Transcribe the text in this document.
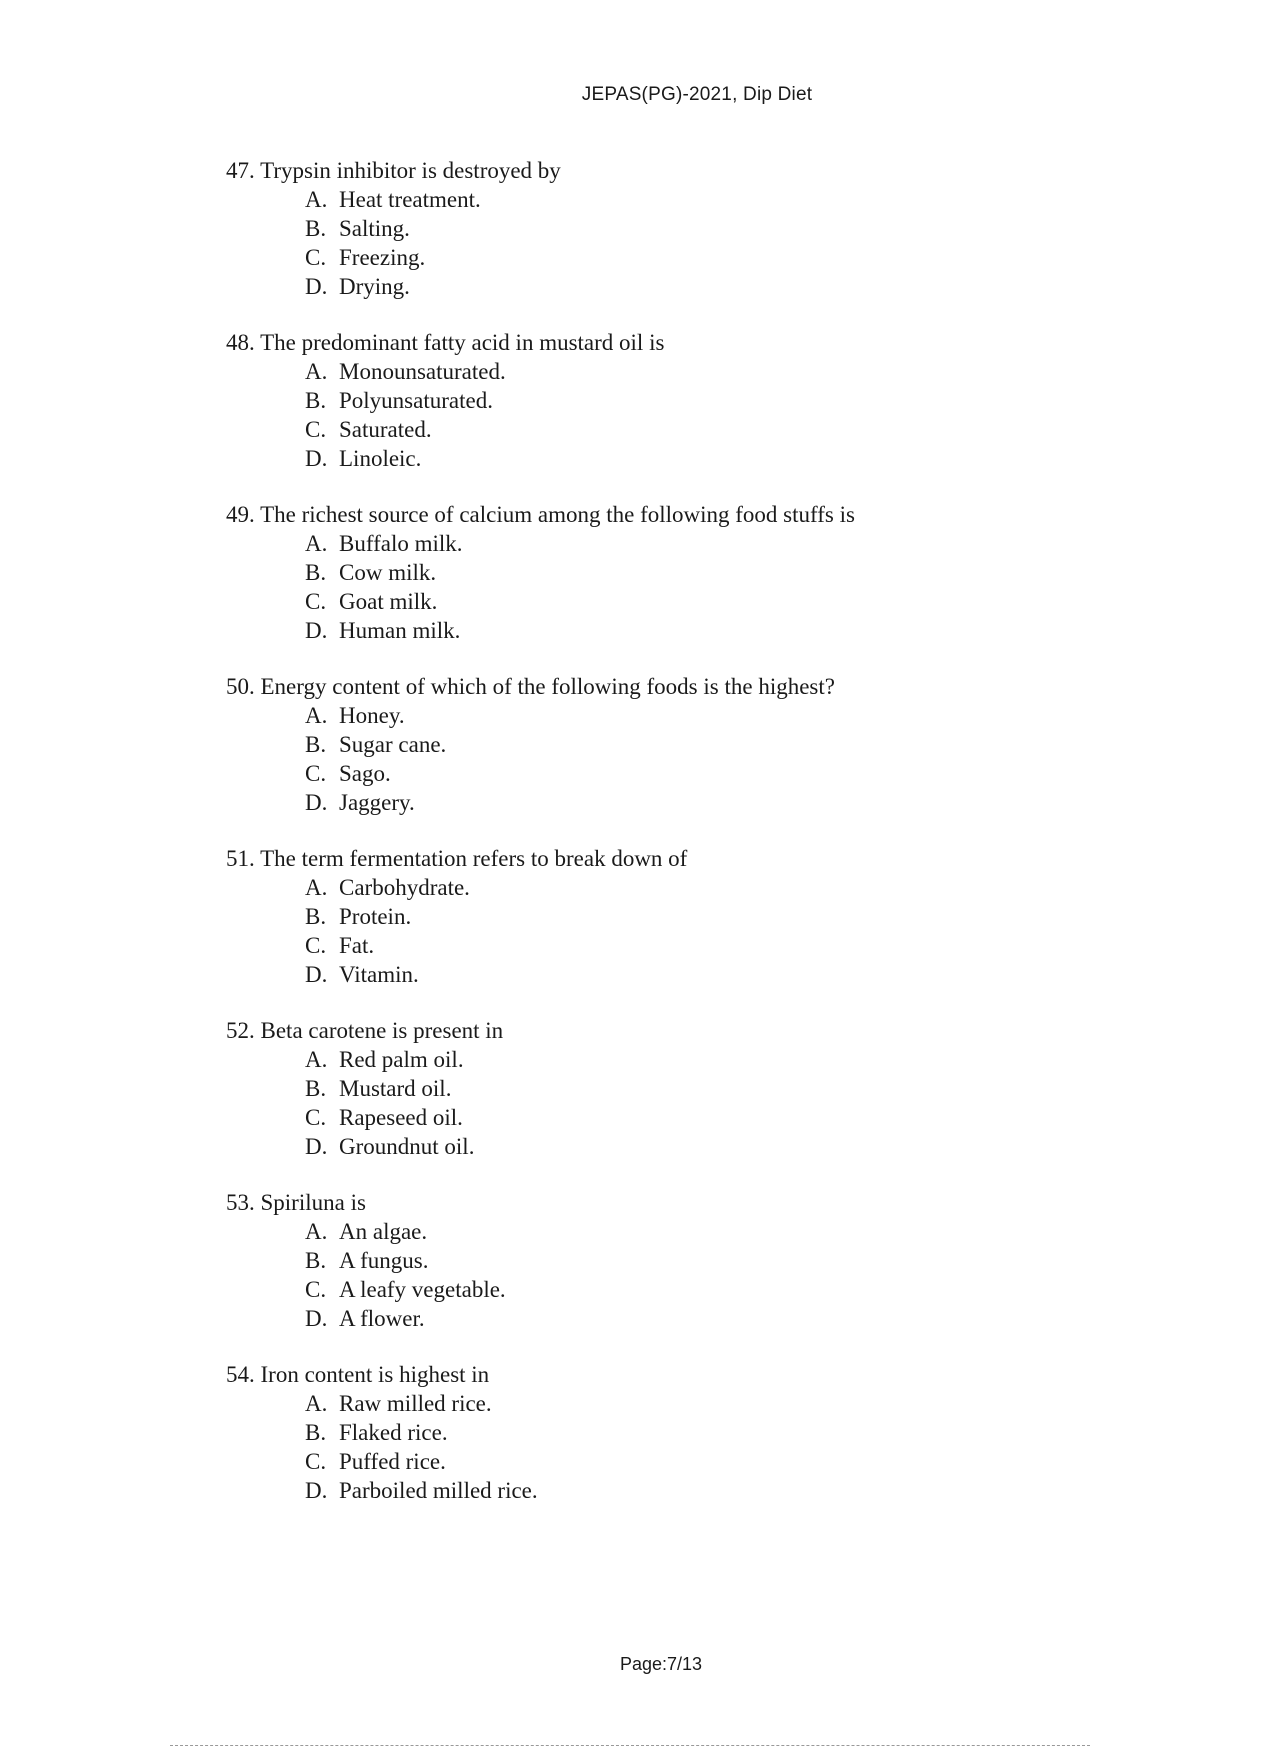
JEPAS(PG)-2021, Dip Diet
47. Trypsin inhibitor is destroyed by
A. Heat treatment.
B. Salting.
C. Freezing.
D. Drying.
48. The predominant fatty acid in mustard oil is
A. Monounsaturated.
B. Polyunsaturated.
C. Saturated.
D. Linoleic.
49. The richest source of calcium among the following food stuffs is
A. Buffalo milk.
B. Cow milk.
C. Goat milk.
D. Human milk.
50. Energy content of which of the following foods is the highest?
A. Honey.
B. Sugar cane.
C. Sago.
D. Jaggery.
51. The term fermentation refers to break down of
A. Carbohydrate.
B. Protein.
C. Fat.
D. Vitamin.
52. Beta carotene is present in
A. Red palm oil.
B. Mustard oil.
C. Rapeseed oil.
D. Groundnut oil.
53. Spiriluna is
A. An algae.
B. A fungus.
C. A leafy vegetable.
D. A flower.
54. Iron content is highest in
A. Raw milled rice.
B. Flaked rice.
C. Puffed rice.
D. Parboiled milled rice.
Page:7/13
